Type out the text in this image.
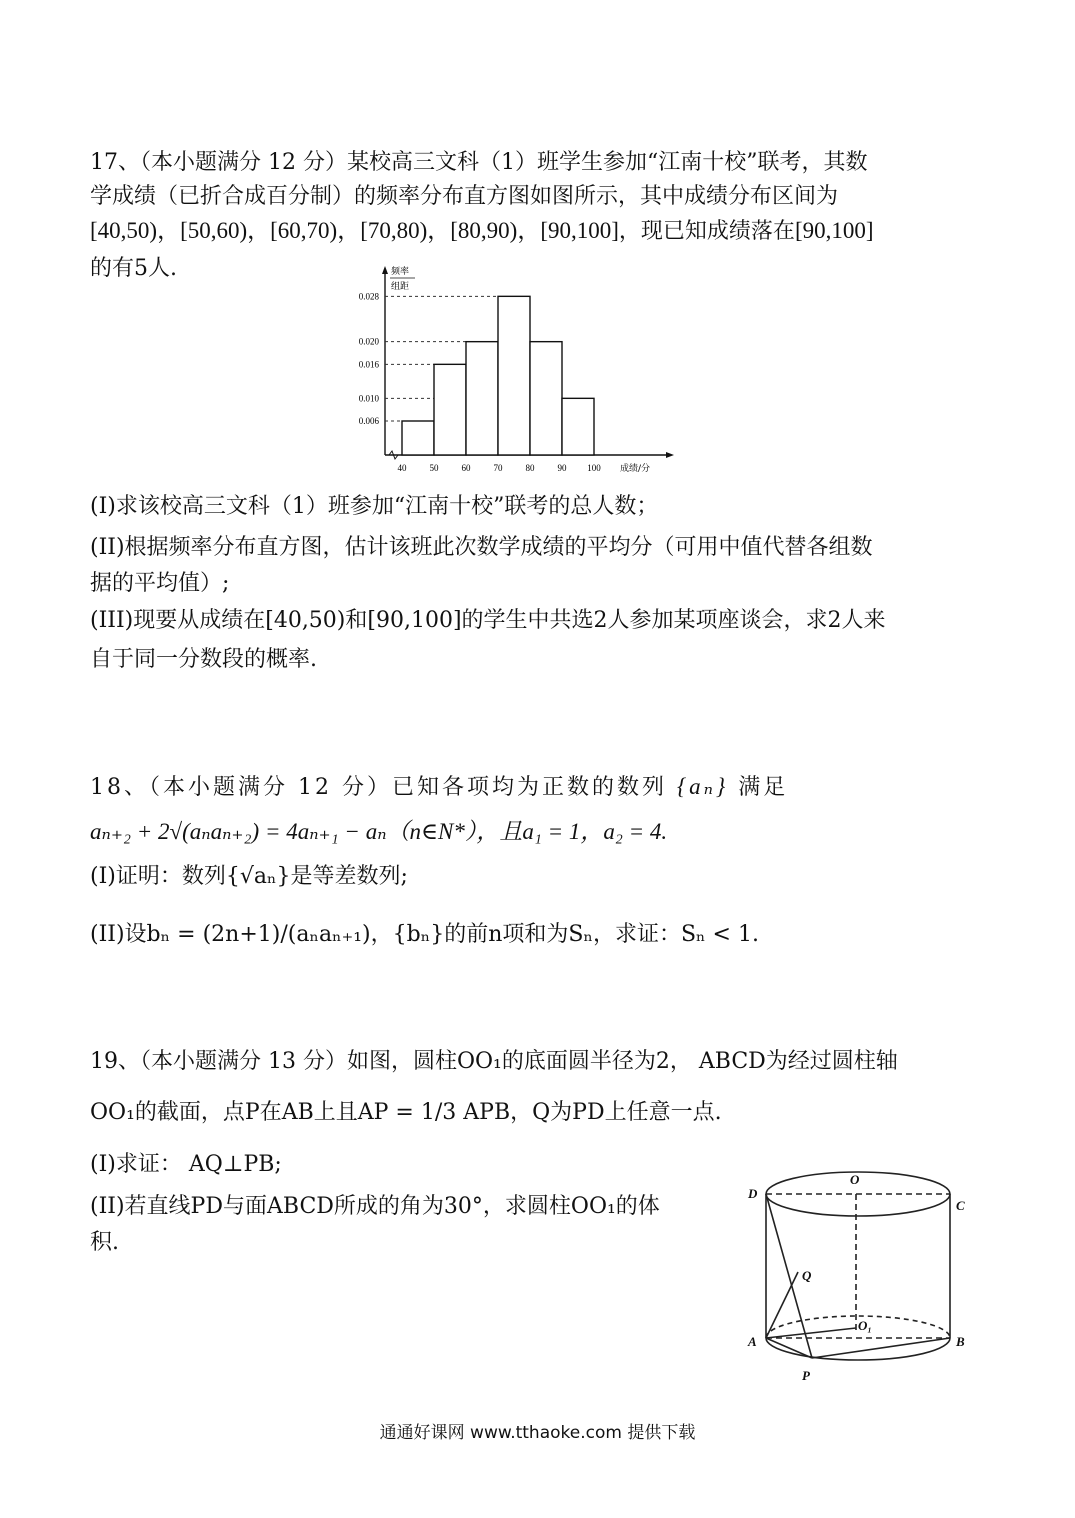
17、（本小题满分 12 分）某校高三文科（1）班学生参加“江南十校”联考，其数
学成绩（已折合成百分制）的频率分布直方图如图所示，其中成绩分布区间为
[40,50)，[50,60)，[60,70)，[70,80)，[80,90)，[90,100]，现已知成绩落在[90,100]
的有5人.
0.006
0.010
0.016
0.020
0.028
40	50	60	70	80	90 100 成绩/分
频率
组距
(I)求该校高三文科（1）班参加“江南十校”联考的总人数；
(II)根据频率分布直方图，估计该班此次数学成绩的平均分（可用中值代替各组数
据的平均值）;
(III)现要从成绩在[40,50)和[90,100]的学生中共选2人参加某项座谈会，求2人来
自于同一分数段的概率.
18、（本小题满分 12 分）已知各项均为正数的数列 {aₙ} 满足
aₙ₊₂ + 2√(aₙaₙ₊₂) = 4aₙ₊₁ − aₙ（n∈N*），且a₁ = 1，a₂ = 4.
(I)证明：数列{√aₙ}是等差数列;
(II)设bₙ = (2n+1)/(aₙaₙ₊₁)，{bₙ}的前n项和为Sₙ，求证：Sₙ < 1.
19、（本小题满分 13 分）如图，圆柱OO₁的底面圆半径为2， ABCD为经过圆柱轴
OO₁的截面，点P在AB上且AP = 1/3 APB，Q为PD上任意一点.
(I)求证： AQ⊥PB;
(II)若直线PD与面ABCD所成的角为30°，求圆柱OO₁的体
积.
D
O
C
Q
A
O₁
B
P
通通好课网 www.tthaoke.com 提供下载
